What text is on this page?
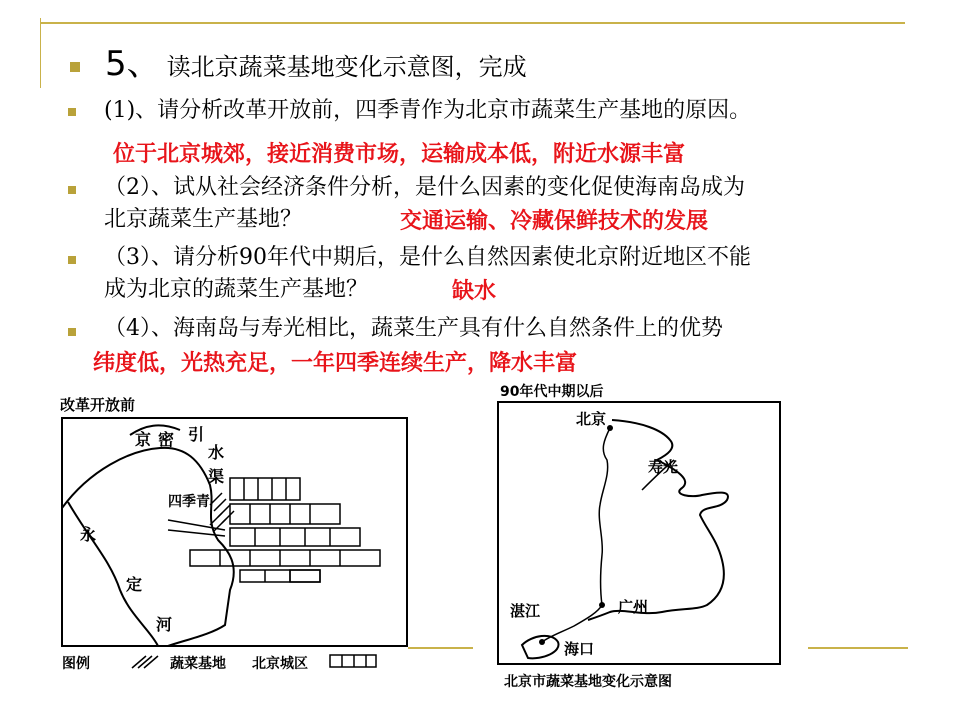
5、 读北京蔬菜基地变化示意图，完成
(1)、请分析改革开放前，四季青作为北京市蔬菜生产基地的原因。
位于北京城郊，接近消费市场，运输成本低，附近水源丰富
（2）、试从社会经济条件分析，是什么因素的变化促使海南岛成为
北京蔬菜生产基地？	交通运输、冷藏保鲜技术的发展
（3）、请分析90年代中期后，是什么自然因素使北京附近地区不能
成为北京的蔬菜生产基地？	缺水
（4）、海南岛与寿光相比，蔬菜生产具有什么自然条件上的优势
纬度低，光热充足，一年四季连续生产，降水丰富
改革开放前
京 密 引
水
渠
四季青
永
定
河
图例	蔬菜基地 北京城区
90年代中期以后
北京
寿光
广州
湛江
海口
北京市蔬菜基地变化示意图
